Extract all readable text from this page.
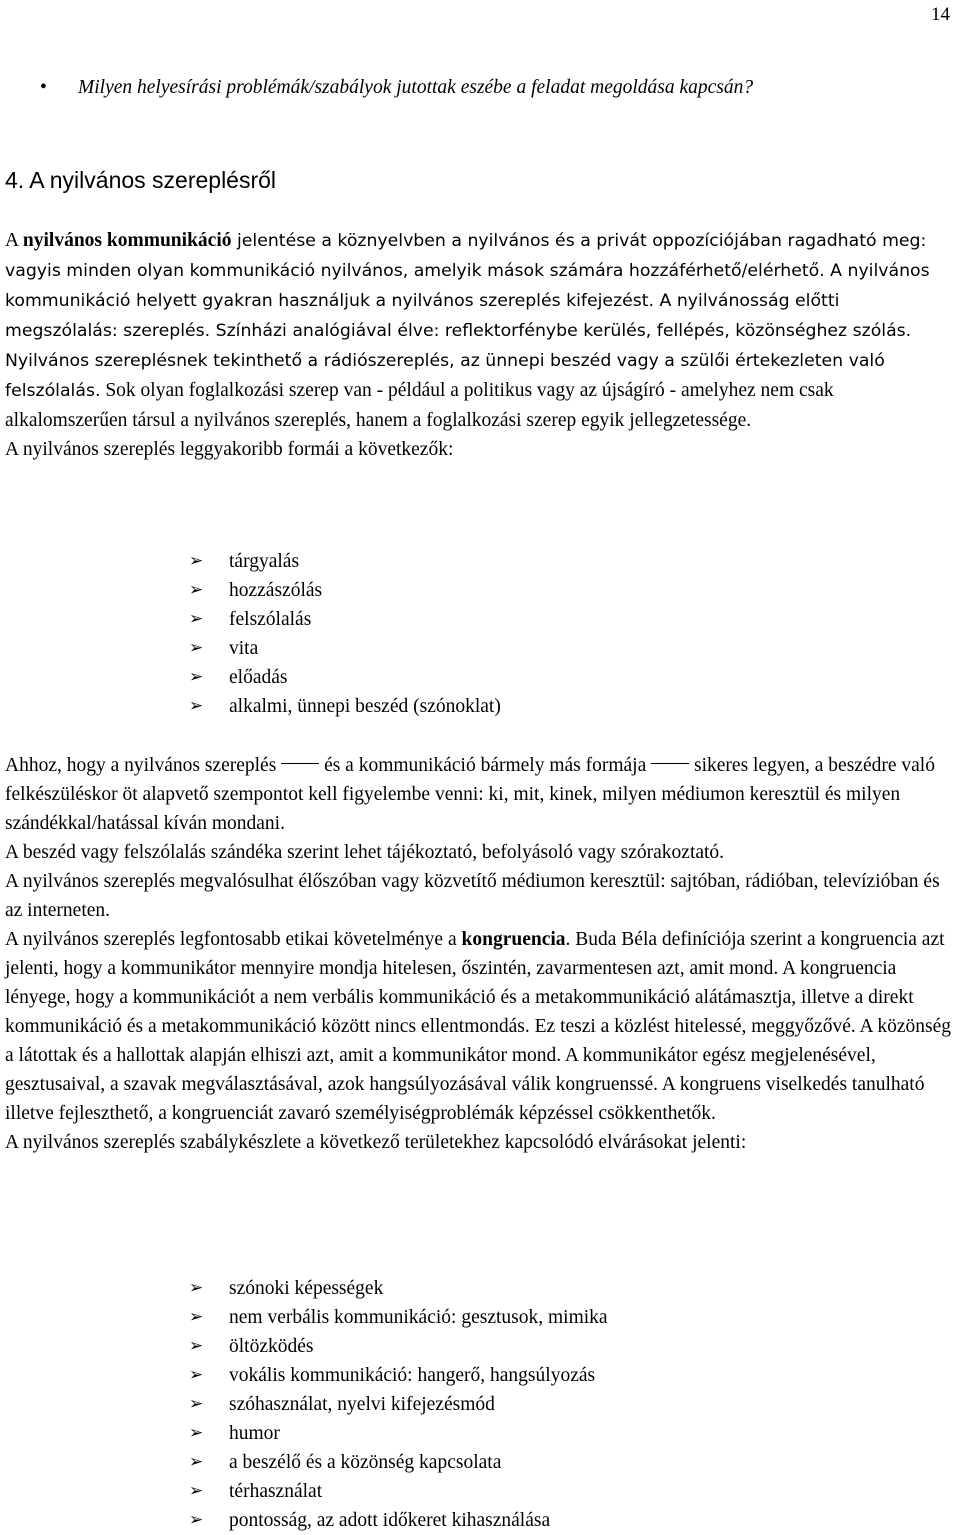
14
• Milyen helyesírási problémák/szabályok jutottak eszébe a feladat megoldása kapcsán?
4. A nyilvános szereplésről
A nyilvános kommunikáció jelentése a köznyelvben a nyilvános és a privát oppozíciójában ragadható meg: vagyis minden olyan kommunikáció nyilvános, amelyik mások számára hozzáférhető/elérhető. A nyilvános kommunikáció helyett gyakran használjuk a nyilvános szereplés kifejezést. A nyilvánosság előtti megszólalás: szereplés. Színházi analógiával élve: reflektorfénybe kerülés, fellépés, közönséghez szólás. Nyilvános szereplésnek tekinthető a rádiószereplés, az ünnepi beszéd vagy a szülői értekezleten való felszólalás. Sok olyan foglalkozási szerep van - például a politikus vagy az újságíró - amelyhez nem csak alkalomszerűen társul a nyilvános szereplés, hanem a foglalkozási szerep egyik jellegzetessége.
A nyilvános szereplés leggyakoribb formái a következők:
➢ tárgyalás
➢ hozzászólás
➢ felszólalás
➢ vita
➢ előadás
➢ alkalmi, ünnepi beszéd (szónoklat)
Ahhoz, hogy a nyilvános szereplés és a kommunikáció bármely más formája sikeres legyen, a beszédre való felkészüléskor öt alapvető szempontot kell figyelembe venni: ki, mit, kinek, milyen médiumon keresztül és milyen szándékkal/hatással kíván mondani.
A beszéd vagy felszólalás szándéka szerint lehet tájékoztató, befolyásoló vagy szórakoztató.
A nyilvános szereplés megvalósulhat élőszóban vagy közvetítő médiumon keresztül: sajtóban, rádióban, televízióban és az interneten.
A nyilvános szereplés legfontosabb etikai követelménye a kongruencia. Buda Béla definíciója szerint a kongruencia azt jelenti, hogy a kommunikátor mennyire mondja hitelesen, őszintén, zavarmentesen azt, amit mond. A kongruencia lényege, hogy a kommunikációt a nem verbális kommunikáció és a metakommunikáció alátámasztja, illetve a direkt kommunikáció és a metakommunikáció között nincs ellentmondás. Ez teszi a közlést hitelessé, meggyőzővé. A közönség a látottak és a hallottak alapján elhiszi azt, amit a kommunikátor mond. A kommunikátor egész megjelenésével, gesztusaival, a szavak megválasztásával, azok hangsúlyozásával válik kongruenssé. A kongruens viselkedés tanulható illetve fejleszthető, a kongruenciát zavaró személyiségproblémák képzéssel csökkenthetők.
A nyilvános szereplés szabálykészlete a következő területekhez kapcsolódó elvárásokat jelenti:
➢ szónoki képességek
➢ nem verbális kommunikáció: gesztusok, mimika
➢ öltözködés
➢ vokális kommunikáció: hangerő, hangsúlyozás
➢ szóhasználat, nyelvi kifejezésmód
➢ humor
➢ a beszélő és a közönség kapcsolata
➢ térhasználat
➢ pontosság, az adott időkeret kihasználása
